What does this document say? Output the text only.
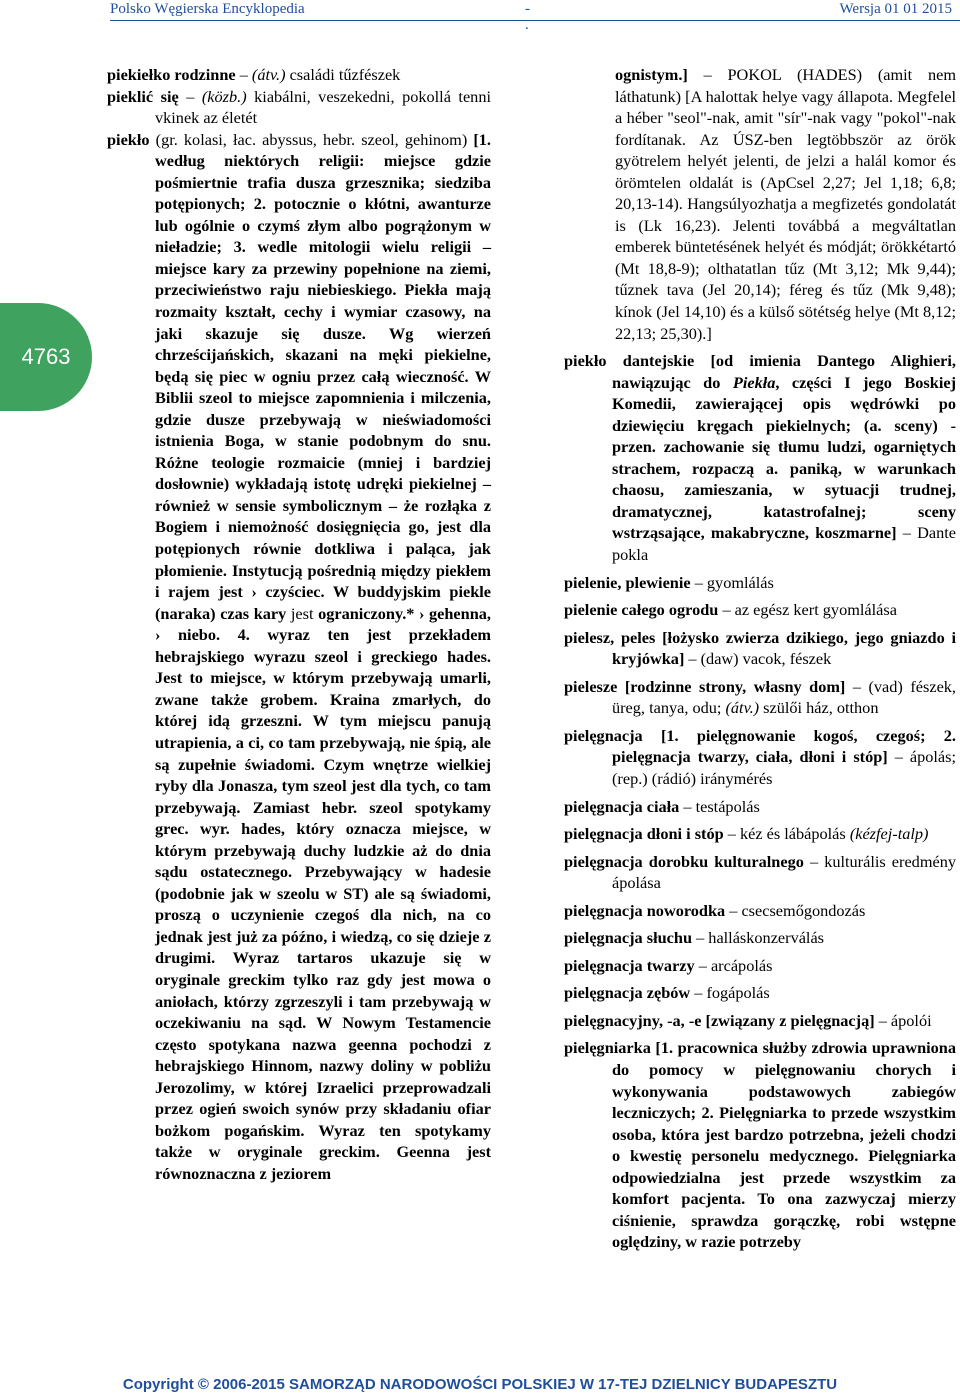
Polsko Węgierska Encyklopedia	-
.
Wersja 01 01 2015
4763

piekiełko rodzinne – (átv.) családi tűzfészek

pieklić się – (közb.) kiabálni, veszekedni, pokollá tenni vkinek az életét

piekło (gr. kolasi, łac. abyssus, hebr. szeol, gehinom) [1. według niektórych religii: miejsce gdzie pośmiertnie trafia dusza grzesznika; siedziba potępionych; 2. potocznie o kłótni, awanturze lub ogólnie o czymś złym albo pogrążonym w nieładzie; 3. wedle mitologii wielu religii – miejsce kary za przewiny popełnione na ziemi, przeciwieństwo raju niebieskiego. Piekła mają rozmaity kształt, cechy i wymiar czasowy, na jaki skazuje się dusze. Wg wierzeń chrześcijańskich, skazani na męki piekielne, będą się piec w ogniu przez całą wieczność. W Biblii szeol to miejsce zapomnienia i milczenia, gdzie dusze przebywają w nieświadomości istnienia Boga, w stanie podobnym do snu. Różne teologie rozmaicie (mniej i bardziej dosłownie) wykładają istotę udręki piekielnej – również w sensie symbolicznym – że rozłąka z Bogiem i niemożność dosięgnięcia go, jest dla potępionych równie dotkliwa i paląca, jak płomienie. Instytucją pośrednią między piekłem i rajem jest › czyściec. W buddyjskim piekle (naraka) czas kary jest ograniczony.* › gehenna, › niebo. 4. wyraz ten jest przekładem hebrajskiego wyrazu szeol i greckiego hades. Jest to miejsce, w którym przebywają umarli, zwane także grobem. Kraina zmarłych, do której idą grzeszni. W tym miejscu panują utrapienia, a ci, co tam przebywają, nie śpią, ale są zupełnie świadomi. Czym wnętrze wielkiej ryby dla Jonasza, tym szeol jest dla tych, co tam przebywają. Zamiast hebr. szeol spotykamy grec. wyr. hades, który oznacza miejsce, w którym przebywają duchy ludzkie aż do dnia sądu ostatecznego. Przebywający w hadesie (podobnie jak w szeolu w ST) ale są świadomi, proszą o uczynienie czegoś dla nich, na co jednak jest już za późno, i wiedzą, co się dzieje z drugimi. Wyraz tartaros ukazuje się w oryginale greckim tylko raz gdy jest mowa o aniołach, którzy zgrzeszyli i tam przebywają w oczekiwaniu na sąd. W Nowym Testamencie często spotykana nazwa geenna pochodzi z hebrajskiego Hinnom, nazwy doliny w pobliżu Jerozolimy, w której Izraelici przeprowadzali przez ogień swoich synów przy składaniu ofiar bożkom pogańskim. Wyraz ten spotykamy także w oryginale greckim. Geenna jest równoznaczna z jeziorem

ognistym.] – POKOL (HADES) (amit nem láthatunk) [A halottak helye vagy állapota. Megfelel a héber "seol"-nak, amit "sír"-nak vagy "pokol"-nak fordítanak. Az ÚSZ-ben legtöbbször az örök gyötrelem helyét jelenti, de jelzi a halál komor és örömtelen oldalát is (ApCsel 2,27; Jel 1,18; 6,8; 20,13-14). Hangsúlyozhatja a megfizetés gondolatát is (Lk 16,23). Jelenti továbbá a megváltatlan emberek büntetésének helyét és módját; örökkétartó (Mt 18,8-9); olthatatlan tűz (Mt 3,12; Mk 9,44); tűznek tava (Jel 20,14); féreg és tűz (Mk 9,48); kínok (Jel 14,10) és a külső sötétség helye (Mt 8,12; 22,13; 25,30).]

piekło dantejskie [od imienia Dantego Alighieri, nawiązując do Piekła, części I jego Boskiej Komedii, zawierającej opis wędrówki po dziewięciu kręgach piekielnych; (a. sceny) - przen. zachowanie się tłumu ludzi, ogarniętych strachem, rozpaczą a. paniką, w warunkach chaosu, zamieszania, w sytuacji trudnej, dramatycznej, katastrofalnej; sceny wstrząsające, makabryczne, koszmarne] – Dante pokla

pielenie, plewienie – gyomlálás

pielenie całego ogrodu – az egész kert gyomlálása

pielesz, peles [łożysko zwierza dzikiego, jego gniazdo i kryjówka] – (daw) vacok, fészek

pielesze [rodzinne strony, własny dom] – (vad) fészek, üreg, tanya, odu; (átv.) szülői ház, otthon

pielęgnacja [1. pielęgnowanie kogoś, czegoś; 2. pielęgnacja twarzy, ciała, dłoni i stóp] – ápolás; (rep.) (rádió) iránymérés

pielęgnacja ciała – testápolás

pielęgnacja dłoni i stóp – kéz és lábápolás (kézfej-talp)

pielęgnacja dorobku kulturalnego – kulturális eredmény ápolása

pielęgnacja noworodka – csecsemőgondozás

pielęgnacja słuchu – halláskonzerválás

pielęgnacja twarzy – arcápolás

pielęgnacja zębów – fogápolás

pielęgnacyjny, -a, -e [związany z pielęgnacją] – ápolói

pielęgniarka [1. pracownica służby zdrowia uprawniona do pomocy w pielęgnowaniu chorych i wykonywania podstawowych zabiegów leczniczych; 2. Pielęgniarka to przede wszystkim osoba, która jest bardzo potrzebna, jeżeli chodzi o kwestię personelu medycznego. Pielęgniarka odpowiedzialna jest przede wszystkim za komfort pacjenta. To ona zazwyczaj mierzy ciśnienie, sprawdza gorączkę, robi wstępne oględziny, w razie potrzeby

Copyright © 2006-2015 SAMORZĄD NARODOWOŚCI POLSKIEJ W 17-TEJ DZIELNICY BUDAPESZTU
